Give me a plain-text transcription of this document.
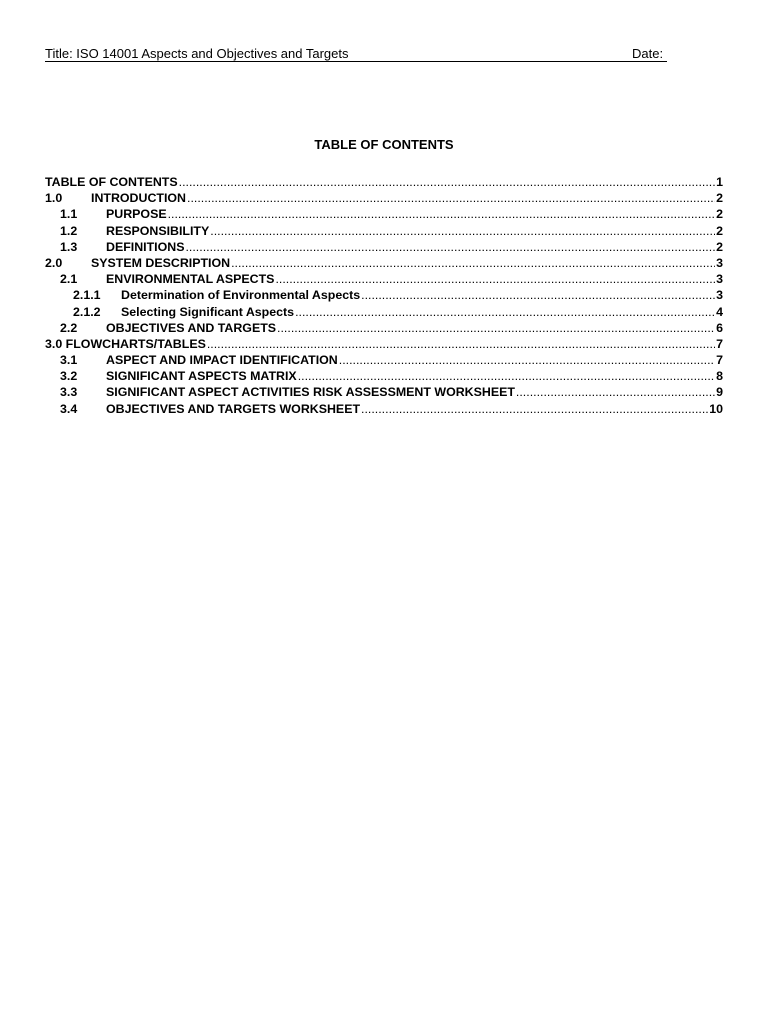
Title: ISO 14001 Aspects and Objectives and Targets	Date:
TABLE OF CONTENTS
TABLE OF CONTENTS .....	1
1.0	INTRODUCTION .....	2
1.1	PURPOSE .....	2
1.2	RESPONSIBILITY .....	2
1.3	DEFINITIONS .....	2
2.0	SYSTEM DESCRIPTION .....	3
2.1	ENVIRONMENTAL ASPECTS .....	3
2.1.1	Determination of Environmental Aspects .....	3
2.1.2	Selecting Significant Aspects .....	4
2.2	OBJECTIVES AND TARGETS .....	6
3.0 FLOWCHARTS/TABLES .....	7
3.1	ASPECT AND IMPACT IDENTIFICATION .....	7
3.2	SIGNIFICANT ASPECTS MATRIX .....	8
3.3	SIGNIFICANT ASPECT ACTIVITIES RISK ASSESSMENT WORKSHEET .....	9
3.4	OBJECTIVES AND TARGETS WORKSHEET .....	10
